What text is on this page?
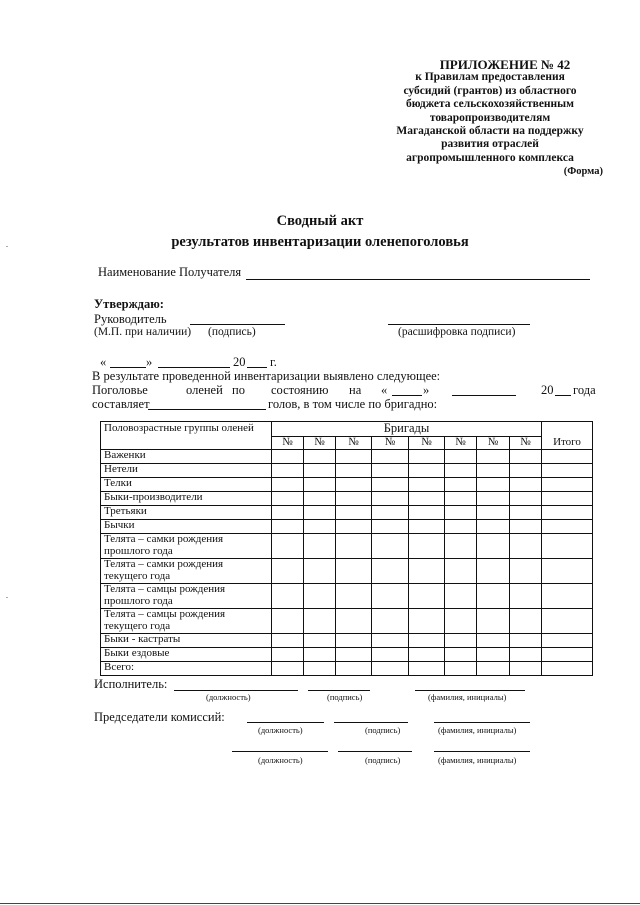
ПРИЛОЖЕНИЕ № 42
к Правилам предоставления
субсидий (грантов) из областного
бюджета сельскохозяйственным
товаропроизводителям
Магаданской области на поддержку
развития отраслей
агропромышленного комплекса
(Форма)
Сводный акт
результатов инвентаризации оленепоголовья
Наименование Получателя
Утверждаю:
Руководитель
(М.П. при наличии) (подпись)	(расшифровка подписи)
«	»	20 г.
В результате проведенной инвентаризации выявлено следующее:
Поголовье	оленей по состоянию на «	»	20 года
составляет	голов, в том числе по бригадно:
Половозрастные группы оленей	Бригады								Итого
	№	№	№	№	№	№	№	№	
Важенки									
Нетели									
Телки									
Быки-производители									
Третьяки									
Бычки									
Телята – самки рождения прошлого года									
Телята – самки рождения текущего года									
Телята – самцы рождения прошлого года									
Телята – самцы рождения текущего года									
Быки - кастраты									
Быки ездовые									
Всего:									
Исполнитель:
(должность)	(подпись)	(фамилия, инициалы)
Председатели комиссий:
(должность)	(подпись)	(фамилия, инициалы)
(должность)	(подпись)	(фамилия, инициалы)
